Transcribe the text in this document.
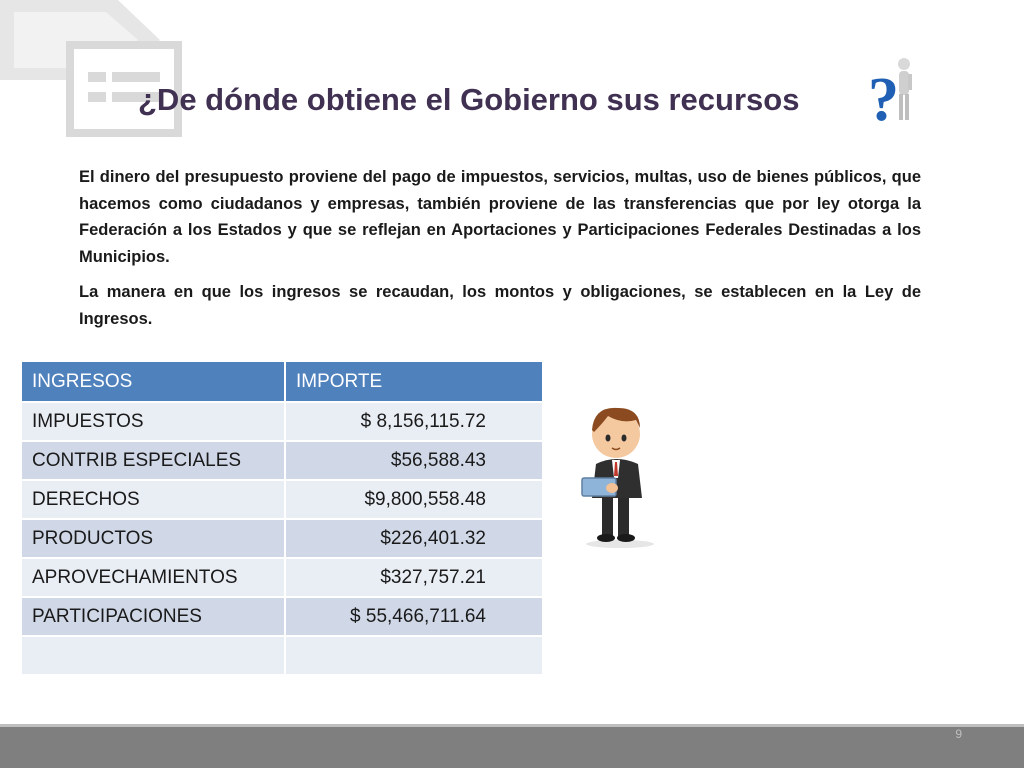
¿De dónde obtiene el Gobierno sus recursos ?
El dinero del presupuesto proviene del pago de impuestos, servicios, multas, uso de bienes públicos, que hacemos como ciudadanos y empresas, también proviene de las transferencias que por ley otorga la Federación a los Estados y que se reflejan en Aportaciones y Participaciones Federales Destinadas a los Municipios.
La manera en que los ingresos se recaudan, los montos y obligaciones, se establecen en la Ley de Ingresos.
INGRESOS	IMPORTE
IMPUESTOS	$ 8,156,115.72
CONTRIB ESPECIALES	$56,588.43
DERECHOS	$9,800,558.48
PRODUCTOS	$226,401.32
APROVECHAMIENTOS	$327,757.21
PARTICIPACIONES	$ 55,466,711.64

9
